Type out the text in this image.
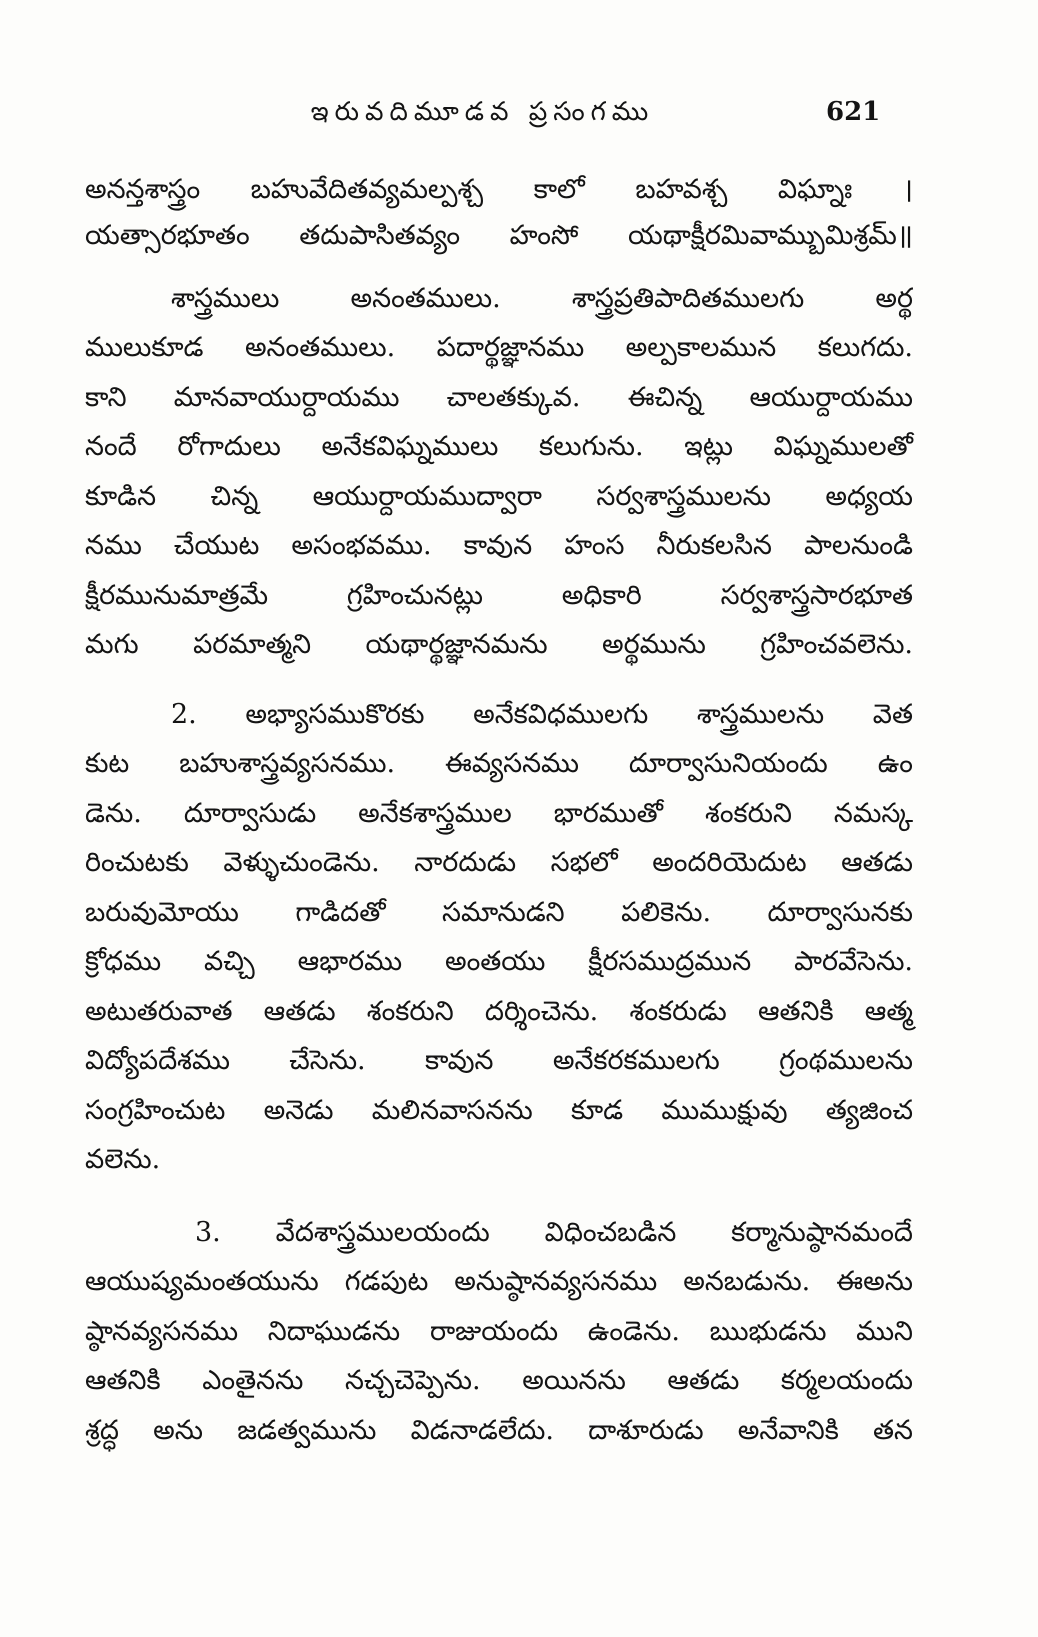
ఇరువదిమూడవ ప్రసంగము	621
అనన్తశాస్త్రం బహువేదితవ్యమల్పశ్చ కాలో బహవశ్చ విఘ్నాః ।
యత్సారభూతం తదుపాసితవ్యం హంసో యథాక్షీరమివామ్బుమిశ్రమ్॥
శాస్త్రములు అనంతములు. శాస్త్రప్రతిపాదితములగు అర్థ
ములుకూడ అనంతములు. పదార్థజ్ఞానము అల్పకాలమున కలుగదు.
కాని మానవాయుర్దాయము చాలతక్కువ. ఈచిన్న ఆయుర్దాయము
నందే రోగాదులు అనేకవిఘ్నములు కలుగును. ఇట్లు విఘ్నములతో
కూడిన చిన్న ఆయుర్దాయముద్వారా సర్వశాస్త్రములను అధ్యయ
నము చేయుట అసంభవము. కావున హంస నీరుకలసిన పాలనుండి
క్షీరమునుమాత్రమే గ్రహించునట్లు అధికారి సర్వశాస్త్రసారభూత
మగు పరమాత్మని యథార్థజ్ఞానమను అర్థమును గ్రహించవలెను.
2. అభ్యాసముకొరకు అనేకవిధములగు శాస్త్రములను వెత
కుట బహుశాస్త్రవ్యసనము. ఈవ్యసనము దూర్వాసునియందు ఉం
డెను. దూర్వాసుడు అనేకశాస్త్రముల భారముతో శంకరుని నమస్క
రించుటకు వెళ్ళుచుండెను. నారదుడు సభలో అందరియెదుట ఆతడు
బరువుమోయు గాడిదతో సమానుడని పలికెను. దూర్వాసునకు
క్రోధము వచ్చి ఆభారము అంతయు క్షీరసముద్రమున పారవేసెను.
అటుతరువాత ఆతడు శంకరుని దర్శించెను. శంకరుడు ఆతనికి ఆత్మ
విద్యోపదేశము చేసెను. కావున అనేకరకములగు గ్రంథములను
సంగ్రహించుట అనెడు మలినవాసనను కూడ ముముక్షువు త్యజించ
వలెను.
3. వేదశాస్త్రములయందు విధించబడిన కర్మానుష్ఠానమందే
ఆయుష్యమంతయును గడపుట అనుష్ఠానవ్యసనము అనబడును. ఈఅను
ష్ఠానవ్యసనము నిదాఘుడను రాజుయందు ఉండెను. ఋభుడను ముని
ఆతనికి ఎంతైనను నచ్చచెప్పెను. అయినను ఆతడు కర్మలయందు
శ్రద్ధ అను జడత్వమును విడనాడలేదు. దాశూరుడు అనేవానికి తన
